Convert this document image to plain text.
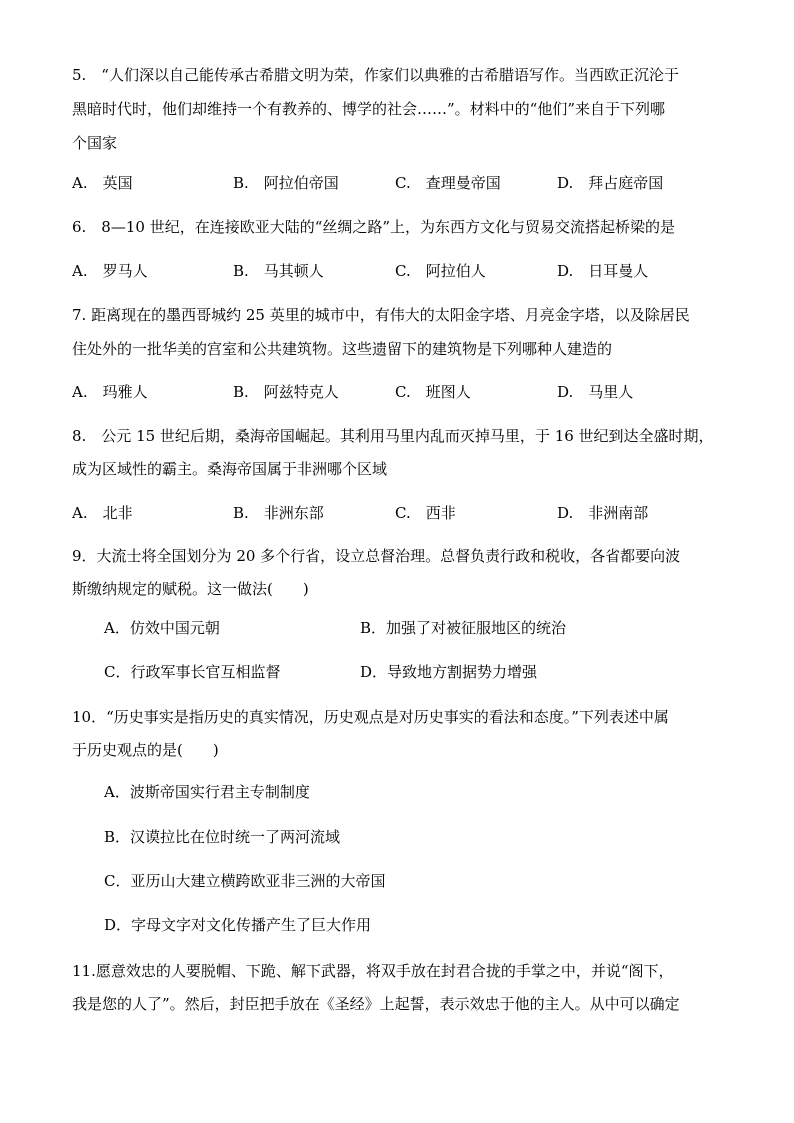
5.　“人们深以自己能传承古希腊文明为荣，作家们以典雅的古希腊语写作。当西欧正沉沦于
黑暗时代时，他们却维持一个有教养的、博学的社会……”。材料中的“他们”来自于下列哪
个国家
A.　英国	B.　阿拉伯帝国	C.　查理曼帝国	D.　拜占庭帝国
6.　8—10 世纪，在连接欧亚大陆的“丝绸之路”上，为东西方文化与贸易交流搭起桥梁的是
A.　罗马人	B.　马其顿人	C.　阿拉伯人	D.　日耳曼人
7. 距离现在的墨西哥城约 25 英里的城市中，有伟大的太阳金字塔、月亮金字塔，以及除居民
住处外的一批华美的宫室和公共建筑物。这些遗留下的建筑物是下列哪种人建造的
A.　玛雅人	B.　阿兹特克人	C.　班图人	D.　马里人
8.　公元 15 世纪后期，桑海帝国崛起。其利用马里内乱而灭掉马里，于 16 世纪到达全盛时期，
成为区域性的霸主。桑海帝国属于非洲哪个区域
A.　北非	B.　非洲东部	C.　西非	D.　非洲南部
9．大流士将全国划分为 20 多个行省，设立总督治理。总督负责行政和税收，各省都要向波
斯缴纳规定的赋税。这一做法(　　)
A．仿效中国元朝	B．加强了对被征服地区的统治
C．行政军事长官互相监督	D．导致地方割据势力增强
10．“历史事实是指历史的真实情况，历史观点是对历史事实的看法和态度。”下列表述中属
于历史观点的是(　　)
A．波斯帝国实行君主专制制度
B．汉谟拉比在位时统一了两河流域
C．亚历山大建立横跨欧亚非三洲的大帝国
D．字母文字对文化传播产生了巨大作用
11.愿意效忠的人要脱帽、下跪、解下武器，将双手放在封君合拢的手掌之中，并说“阁下，
我是您的人了”。然后，封臣把手放在《圣经》上起誓，表示效忠于他的主人。从中可以确定
